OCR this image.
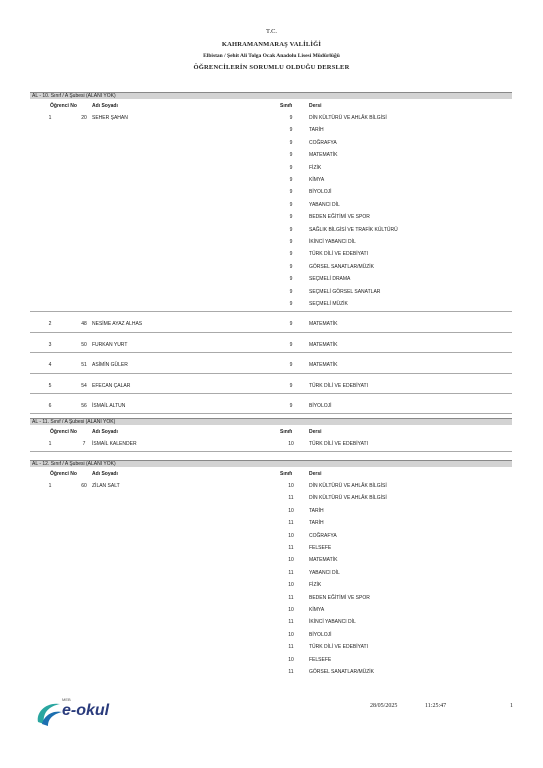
T.C.
KAHRAMANMARAŞ VALİLİĞİ
Elbistan / Şehit Ali Tolga Ocak Anadolu Lisesi Müdürlüğü
ÖĞRENCİLERİN SORUMLU OLDUĞU DERSLER
AL - 10. Sınıf / A Şubesi (ALANI YOK)
Öğrenci No	Adı Soyadı	Sınıfı	Dersi
1	20	SEHER ŞAHAN	9	DİN KÜLTÜRÜ VE AHLÂK BİLGİSİ
9	TARİH
9	COĞRAFYA
9	MATEMATİK
9	FİZİK
9	KİMYA
9	BİYOLOJİ
9	YABANCI DİL
9	BEDEN EĞİTİMİ VE SPOR
9	SAĞLIK BİLGİSİ VE TRAFİK KÜLTÜRÜ
9	İKİNCİ YABANCI DİL
9	TÜRK DİLİ VE EDEBİYATI
9	GÖRSEL SANATLAR/MÜZİK
9	SEÇMELİ DRAMA
9	SEÇMELİ GÖRSEL SANATLAR
9	SEÇMELİ MÜZİK
2	48	NESİME AYAZ ALHAS	9	MATEMATİK
3	50	FURKAN YURT	9	MATEMATİK
4	51	ASİMİN GÜLER	9	MATEMATİK
5	54	EFECAN ÇALAR	9	TÜRK DİLİ VE EDEBİYATI
6	56	İSMAİL ALTUN	9	BİYOLOJİ
AL - 11. Sınıf / A Şubesi (ALANI YOK)
Öğrenci No	Adı Soyadı	Sınıfı	Dersi
1	7	İSMAİL KALENDER	10	TÜRK DİLİ VE EDEBİYATI
AL - 12. Sınıf / A Şubesi (ALANI YOK)
Öğrenci No	Adı Soyadı	Sınıfı	Dersi
1	60	ZİLAN SALT	10	DİN KÜLTÜRÜ VE AHLÂK BİLGİSİ
11	DİN KÜLTÜRÜ VE AHLÂK BİLGİSİ
10	TARİH
11	TARİH
10	COĞRAFYA
11	FELSEFE
10	MATEMATİK
11	YABANCI DİL
10	FİZİK
11	BEDEN EĞİTİMİ VE SPOR
10	KİMYA
11	İKİNCİ YABANCI DİL
10	BİYOLOJİ
11	TÜRK DİLİ VE EDEBİYATI
10	FELSEFE
11	GÖRSEL SANATLAR/MÜZİK
MEB
e-okul	28/05/2025	11:25:47	1
